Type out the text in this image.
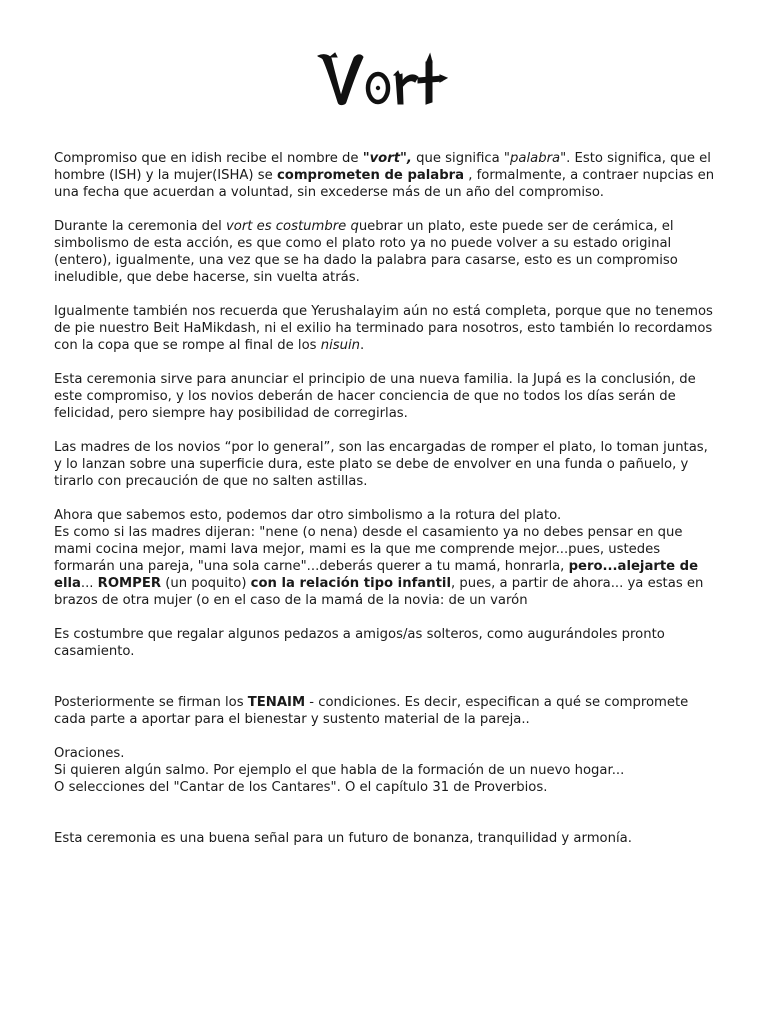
Compromiso que en idish recibe el nombre de "vort", que significa "palabra". Esto significa, que el hombre (ISH) y la mujer(ISHA) se comprometen de palabra , formalmente, a contraer nupcias en una fecha que acuerdan a voluntad, sin excederse más de un año del compromiso.

Durante la ceremonia del vort es costumbre quebrar un plato, este puede ser de cerámica, el simbolismo de esta acción, es que como el plato roto ya no puede volver a su estado original (entero), igualmente, una vez que se ha dado la palabra para casarse, esto es un compromiso ineludible, que debe hacerse, sin vuelta atrás.

Igualmente también nos recuerda que Yerushalayim aún no está completa, porque que no tenemos de pie nuestro Beit HaMikdash, ni el exilio ha terminado para nosotros, esto también lo recordamos con la copa que se rompe al final de los nisuin.

Esta ceremonia sirve para anunciar el principio de una nueva familia. la Jupá es la conclusión, de este compromiso, y los novios deberán de hacer conciencia de que no todos los días serán de felicidad, pero siempre hay posibilidad de corregirlas.

Las madres de los novios “por lo general”, son las encargadas de romper el plato, lo toman juntas, y lo lanzan sobre una superficie dura, este plato se debe de envolver en una funda o pañuelo, y tirarlo con precaución de que no salten astillas.

Ahora que sabemos esto, podemos dar otro simbolismo a la rotura del plato.

Es como si las madres dijeran: "nene (o nena) desde el casamiento ya no debes pensar en que mami cocina mejor, mami lava mejor, mami es la que me comprende mejor...pues, ustedes formarán una pareja, "una sola carne"...deberás querer a tu mamá, honrarla, pero...alejarte de ella... ROMPER (un poquito) con la relación tipo infantil, pues, a partir de ahora... ya estas en brazos de otra mujer (o en el caso de la mamá de la novia: de un varón

Es costumbre que regalar algunos pedazos a amigos/as solteros, como augurándoles pronto casamiento.

Posteriormente se firman los TENAIM - condiciones. Es decir, especifican a qué se compromete cada parte a aportar para el bienestar y sustento material de la pareja..

Oraciones.

Si quieren algún salmo. Por ejemplo el que habla de la formación de un nuevo hogar...

O selecciones del "Cantar de los Cantares". O el capítulo 31 de Proverbios.

Esta ceremonia es una buena señal para un futuro de bonanza, tranquilidad y armonía.
